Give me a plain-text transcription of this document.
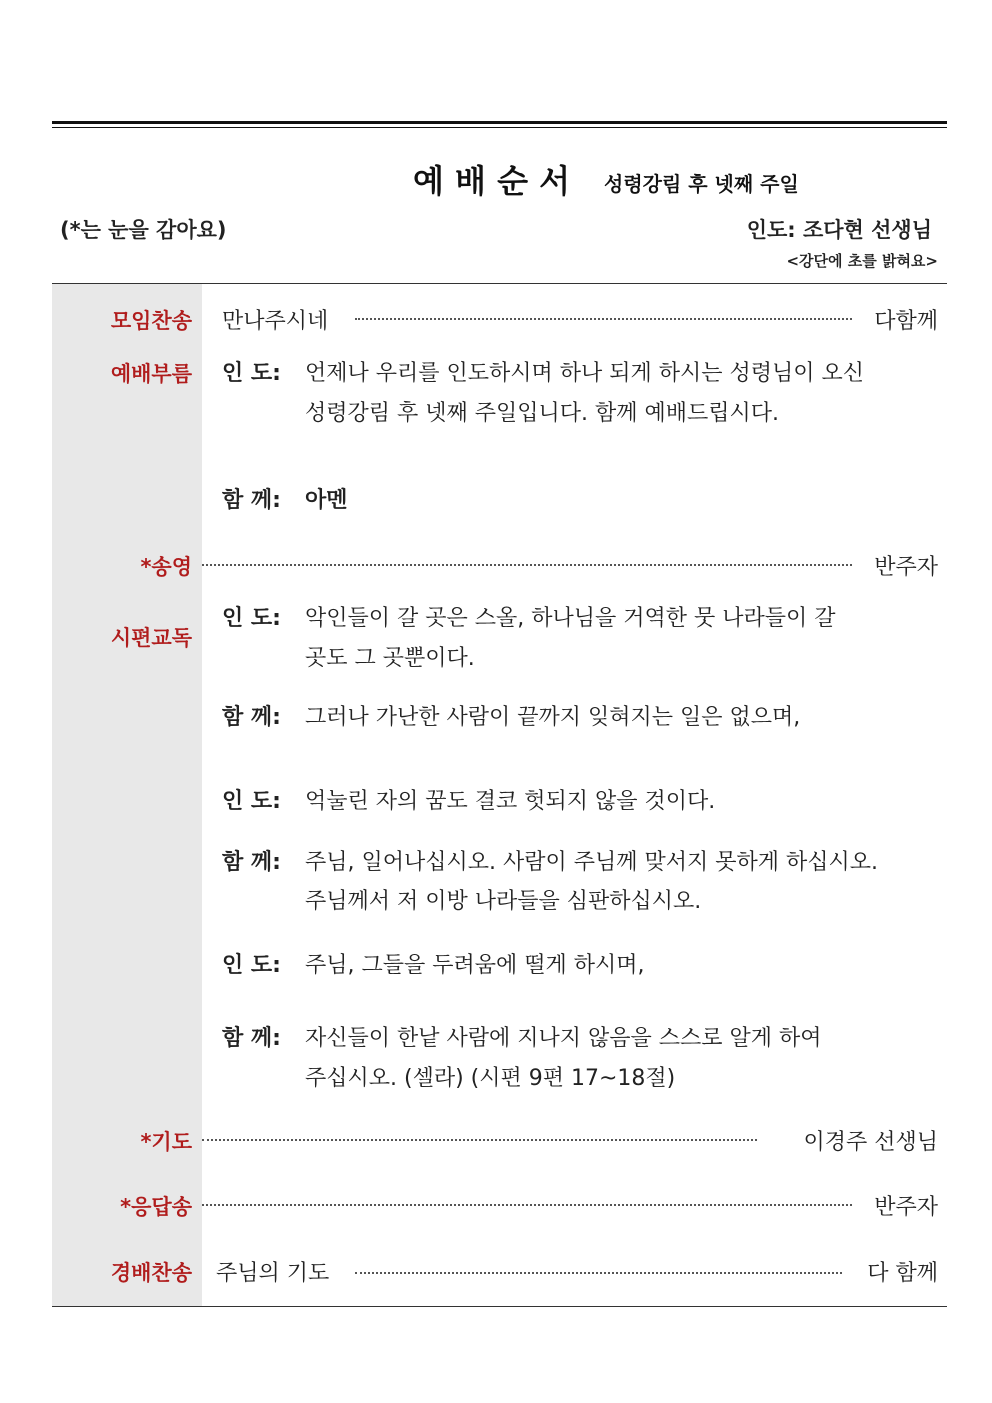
예 배 순 서 성령강림 후 넷째 주일
(*는 눈을 감아요)	인도: 조다현 선생님
<강단에 초를 밝혀요>
모임찬송 만나주시네	다함께
예배부름 인 도: 언제나 우리를 인도하시며 하나 되게 하시는 성령님이 오신
성령강림 후 넷째 주일입니다. 함께 예배드립시다.
함 께: 아멘
*송영	반주자
시편교독
인 도: 악인들이 갈 곳은 스올, 하나님을 거역한 뭇 나라들이 갈
곳도 그 곳뿐이다.
함 께: 그러나 가난한 사람이 끝까지 잊혀지는 일은 없으며,
인 도: 억눌린 자의 꿈도 결코 헛되지 않을 것이다.
함 께: 주님, 일어나십시오. 사람이 주님께 맞서지 못하게 하십시오.
주님께서 저 이방 나라들을 심판하십시오.
인 도: 주님, 그들을 두려움에 떨게 하시며,
함 께: 자신들이 한낱 사람에 지나지 않음을 스스로 알게 하여
주십시오. (셀라) (시편 9편 17~18절)
*기도	이경주 선생님
*응답송	반주자
경배찬송 주님의 기도	다 함께
